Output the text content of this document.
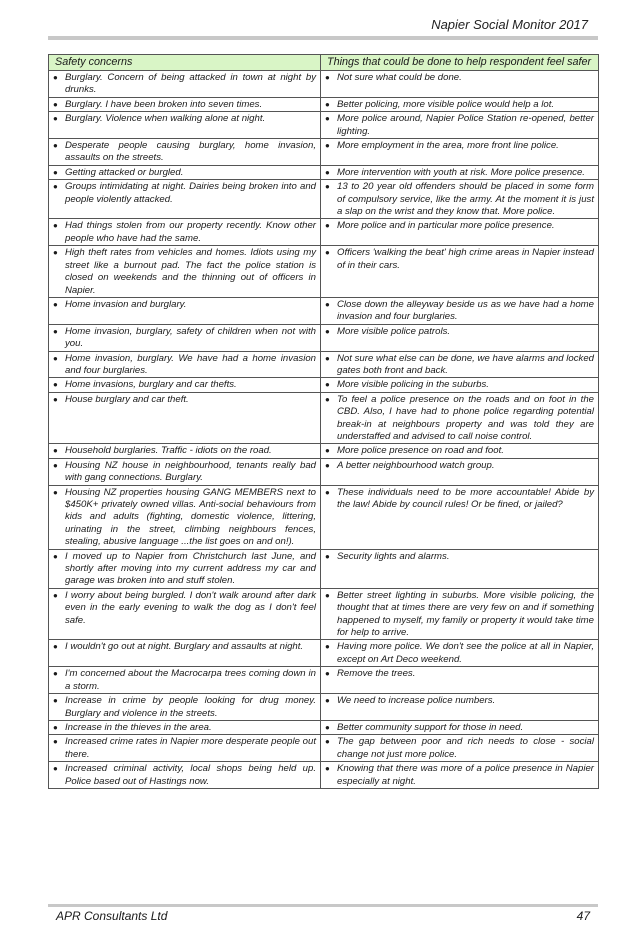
Napier Social Monitor 2017
Safety concerns	Things that could be done to help respondent feel safer

● Burglary. Concern of being attacked in town at night by drunks.	● Not sure what could be done.

● Burglary. I have been broken into seven times.	● Better policing, more visible police would help a lot.

● Burglary. Violence when walking alone at night.	● More police around, Napier Police Station re-opened, better lighting.

● Desperate people causing burglary, home invasion, assaults on the streets.	● More employment in the area, more front line police.

● Getting attacked or burgled.	● More intervention with youth at risk. More police presence.

● Groups intimidating at night. Dairies being broken into and people violently attacked.	● 13 to 20 year old offenders should be placed in some form of compulsory service, like the army. At the moment it is just a slap on the wrist and they know that. More police.

● Had things stolen from our property recently. Know other people who have had the same.	● More police and in particular more police presence.

● High theft rates from vehicles and homes. Idiots using my street like a burnout pad. The fact the police station is closed on weekends and the thinning out of officers in Napier.	● Officers 'walking the beat' high crime areas in Napier instead of in their cars.

● Home invasion and burglary.	● Close down the alleyway beside us as we have had a home invasion and four burglaries.

● Home invasion, burglary, safety of children when not with you.	● More visible police patrols.

● Home invasion, burglary. We have had a home invasion and four burglaries.	● Not sure what else can be done, we have alarms and locked gates both front and back.

● Home invasions, burglary and car thefts.	● More visible policing in the suburbs.

● House burglary and car theft.	● To feel a police presence on the roads and on foot in the CBD. Also, I have had to phone police regarding potential break-in at neighbours property and was told they are understaffed and advised to call noise control.

● Household burglaries. Traffic - idiots on the road.	● More police presence on road and foot.

● Housing NZ house in neighbourhood, tenants really bad with gang connections. Burglary.	● A better neighbourhood watch group.

● Housing NZ properties housing GANG MEMBERS next to $450K+ privately owned villas. Anti-social behaviours from kids and adults (fighting, domestic violence, littering, urinating in the street, climbing neighbours fences, stealing, abusive language ...the list goes on and on!).	● These individuals need to be more accountable! Abide by the law! Abide by council rules! Or be fined, or jailed?

● I moved up to Napier from Christchurch last June, and shortly after moving into my current address my car and garage was broken into and stuff stolen.	● Security lights and alarms.

● I worry about being burgled. I don't walk around after dark even in the early evening to walk the dog as I don't feel safe.	● Better street lighting in suburbs. More visible policing, the thought that at times there are very few on and if something happened to myself, my family or property it would take time for help to arrive.

● I wouldn't go out at night. Burglary and assaults at night.	● Having more police. We don't see the police at all in Napier, except on Art Deco weekend.

● I'm concerned about the Macrocarpa trees coming down in a storm.	● Remove the trees.

● Increase in crime by people looking for drug money. Burglary and violence in the streets.	● We need to increase police numbers.

● Increase in the thieves in the area.	● Better community support for those in need.

● Increased crime rates in Napier more desperate people out there.	● The gap between poor and rich needs to close - social change not just more police.

● Increased criminal activity, local shops being held up. Police based out of Hastings now.	● Knowing that there was more of a police presence in Napier especially at night.
APR Consultants Ltd	47
